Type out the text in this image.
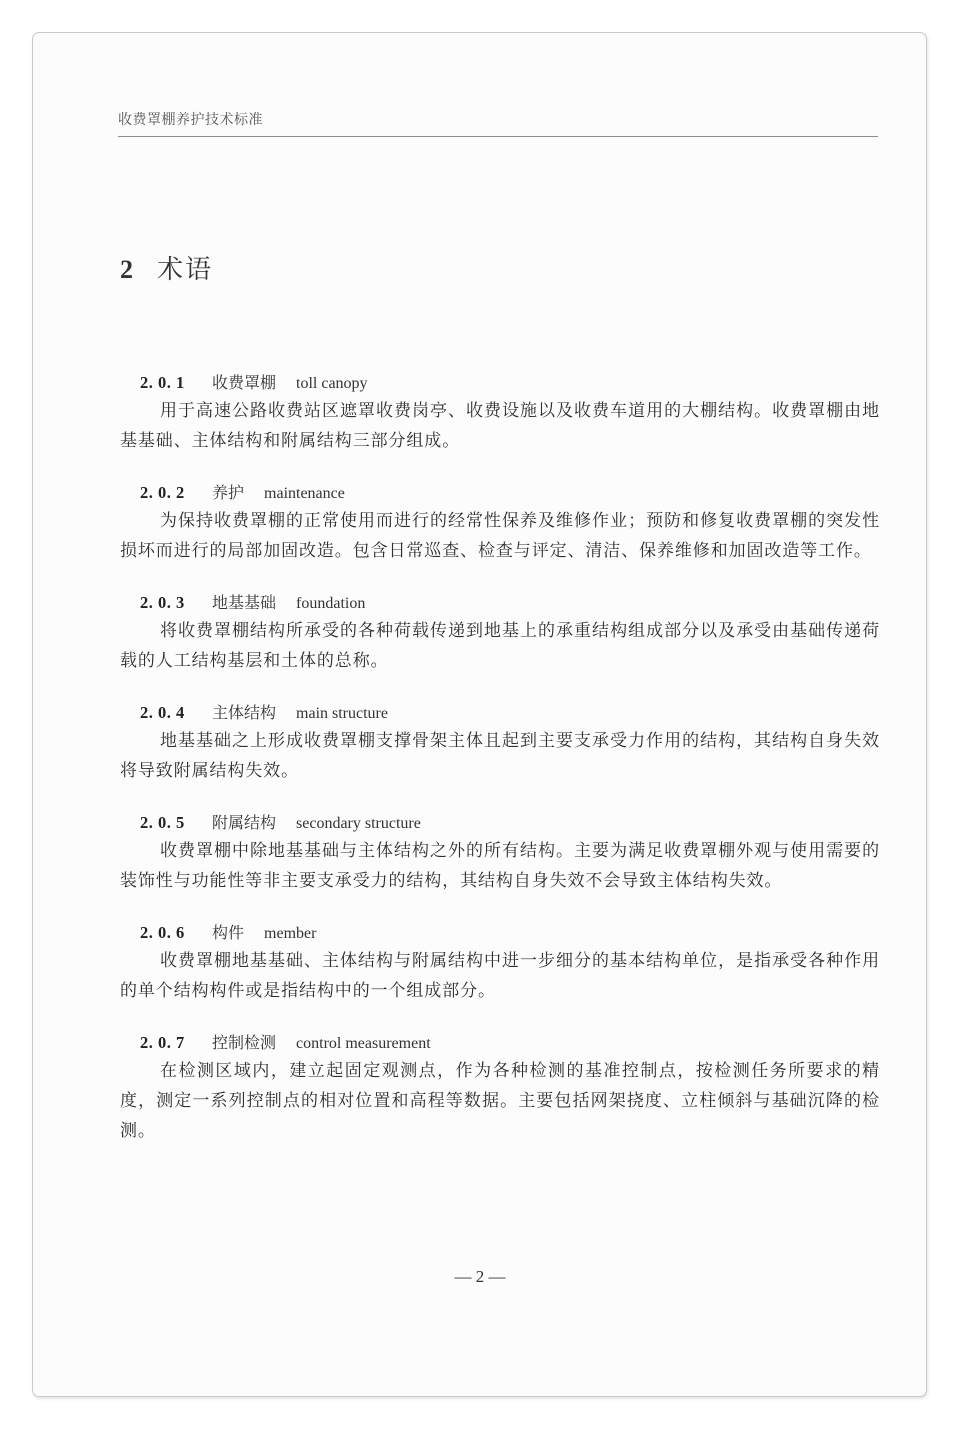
收费罩棚养护技术标准
2 术语
2. 0. 1	收费罩棚 toll canopy

用于高速公路收费站区遮罩收费岗亭、收费设施以及收费车道用的大棚结构。收费罩棚由地基基础、主体结构和附属结构三部分组成。

2. 0. 2	养护 maintenance

为保持收费罩棚的正常使用而进行的经常性保养及维修作业；预防和修复收费罩棚的突发性损坏而进行的局部加固改造。包含日常巡查、检查与评定、清洁、保养维修和加固改造等工作。

2. 0. 3	地基基础 foundation

将收费罩棚结构所承受的各种荷载传递到地基上的承重结构组成部分以及承受由基础传递荷载的人工结构基层和土体的总称。

2. 0. 4	主体结构 main structure

地基基础之上形成收费罩棚支撑骨架主体且起到主要支承受力作用的结构，其结构自身失效将导致附属结构失效。

2. 0. 5	附属结构 secondary structure

收费罩棚中除地基基础与主体结构之外的所有结构。主要为满足收费罩棚外观与使用需要的装饰性与功能性等非主要支承受力的结构，其结构自身失效不会导致主体结构失效。

2. 0. 6	构件 member

收费罩棚地基基础、主体结构与附属结构中进一步细分的基本结构单位，是指承受各种作用的单个结构构件或是指结构中的一个组成部分。

2. 0. 7	控制检测 control measurement

在检测区域内，建立起固定观测点，作为各种检测的基准控制点，按检测任务所要求的精度，测定一系列控制点的相对位置和高程等数据。主要包括网架挠度、立柱倾斜与基础沉降的检测。

— 2 —
